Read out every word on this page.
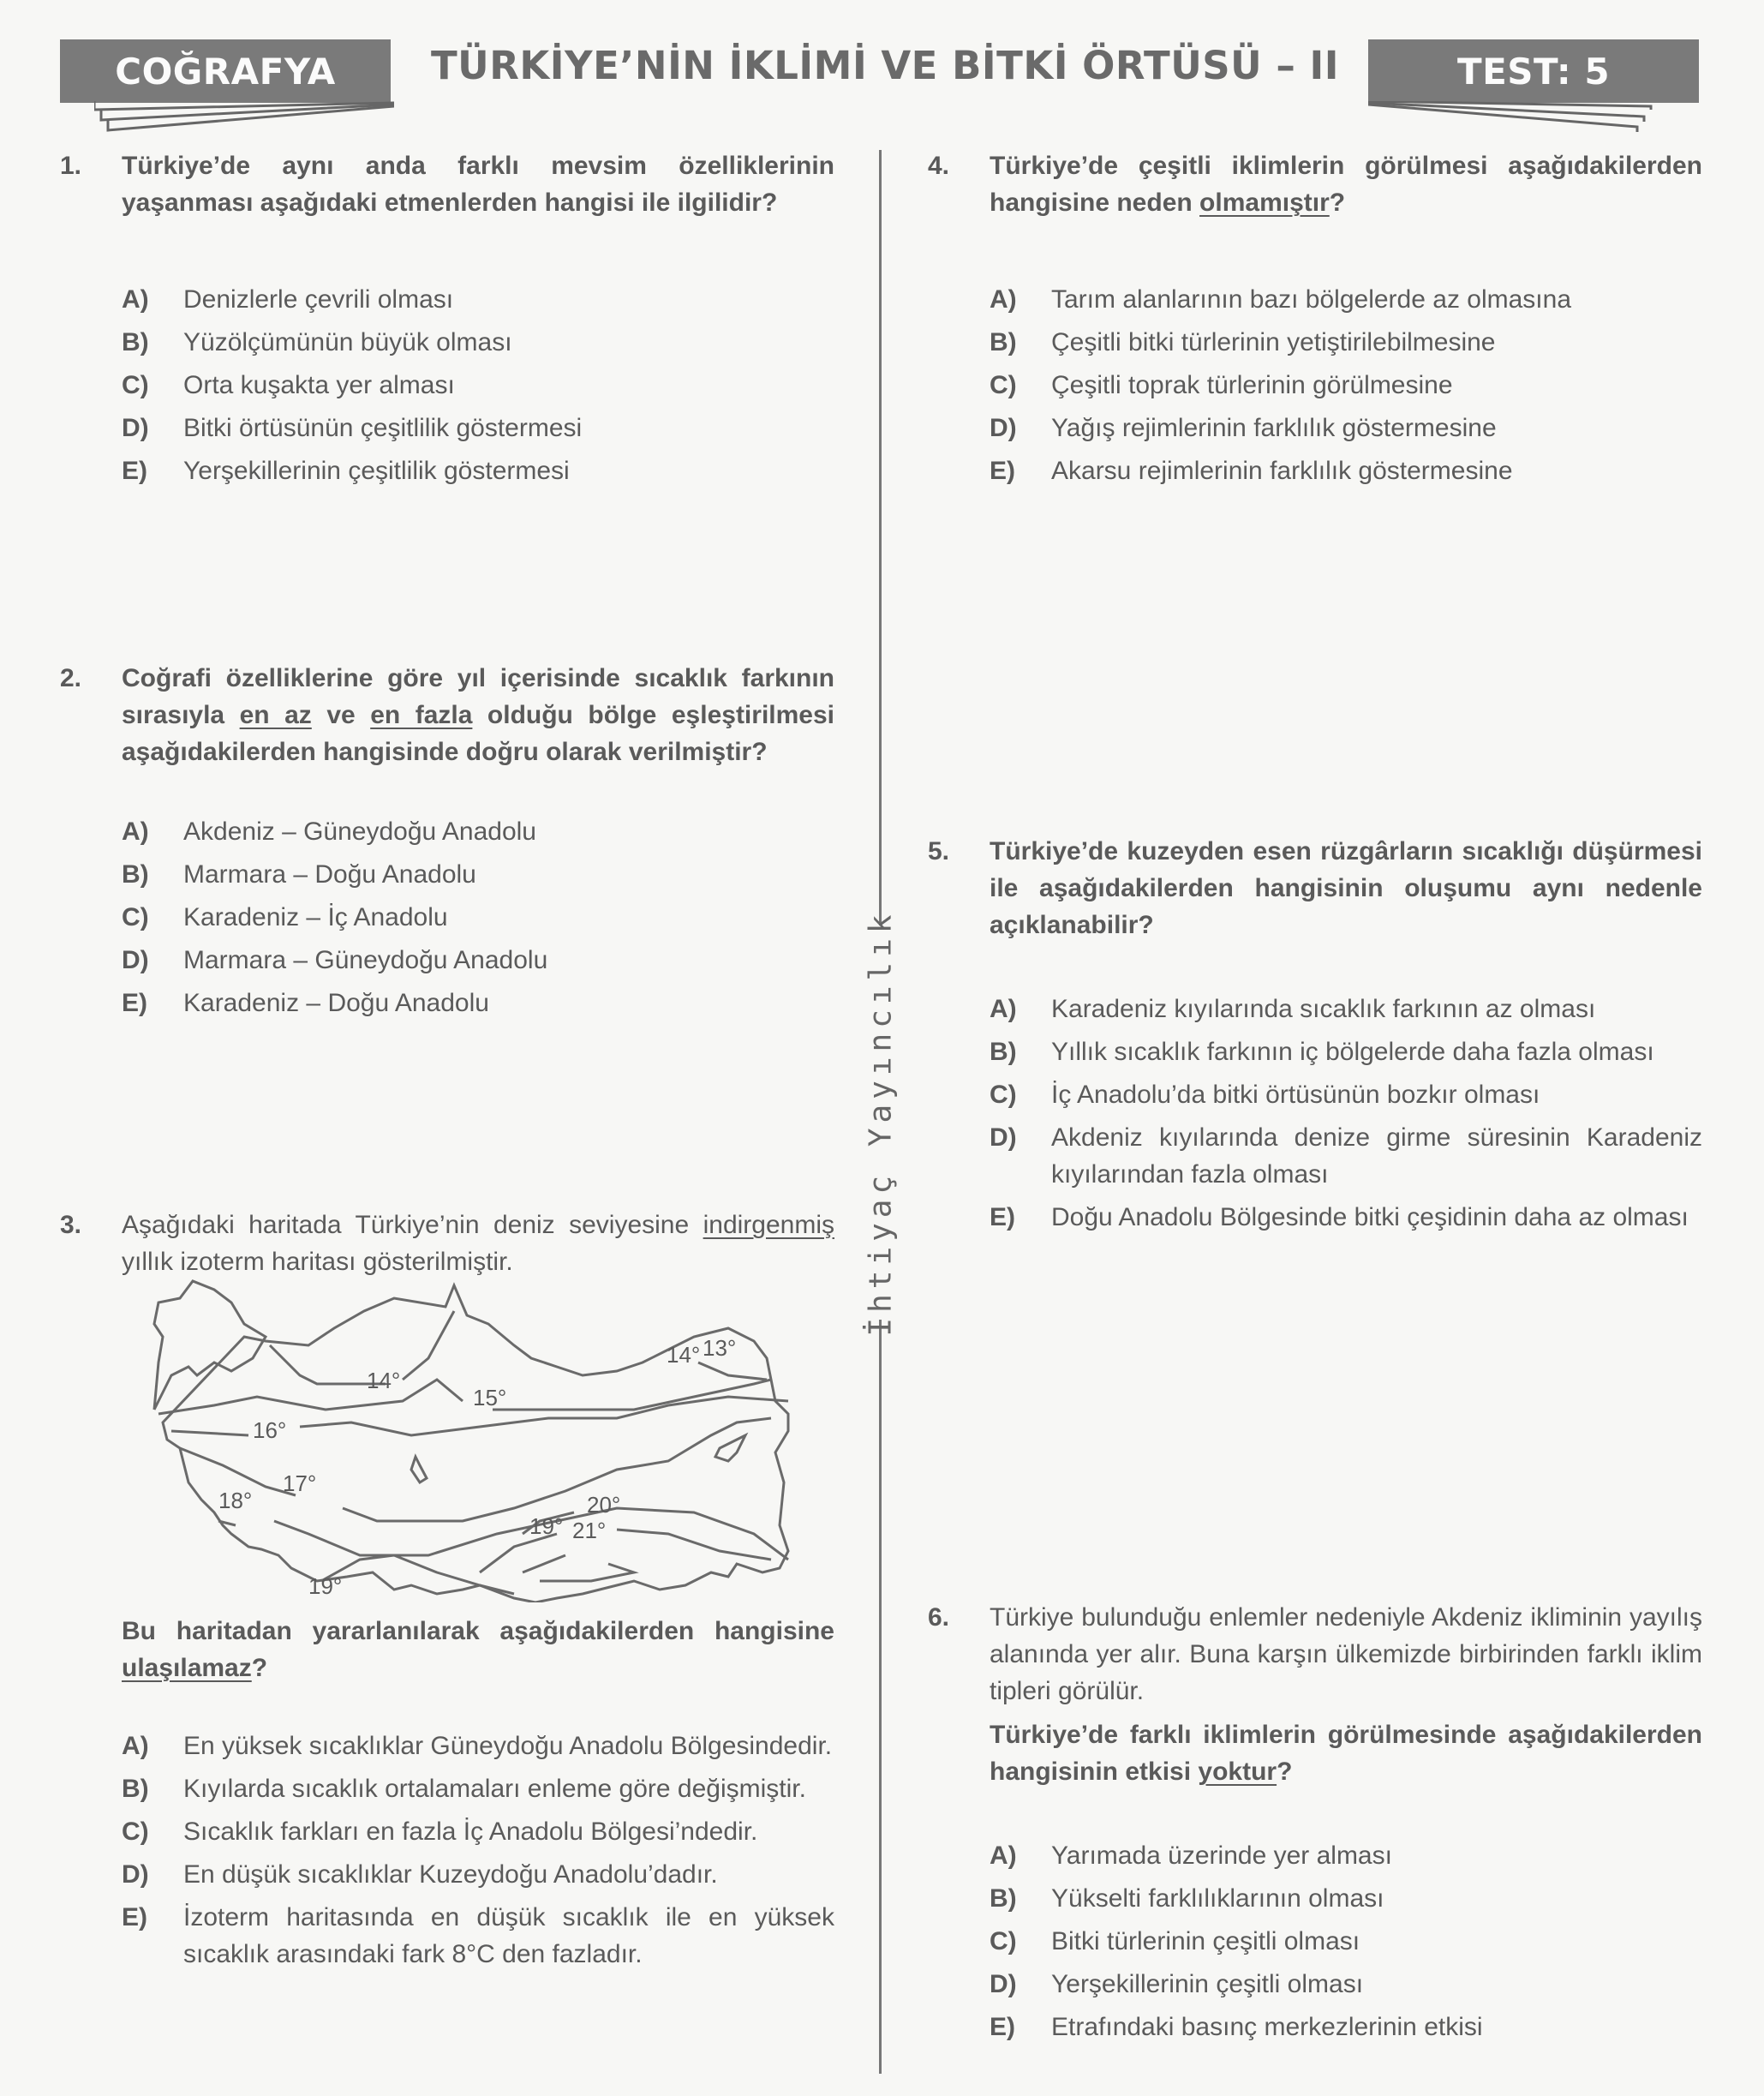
COĞRAFYA	TÜRKİYE’NİN İKLİMİ VE BİTKİ ÖRTÜSÜ – II	TEST: 5
İhtiyaç Yayıncılık
1. Türkiye’de aynı anda farklı mevsim özelliklerinin yaşanması aşağıdaki etmenlerden hangisi ile ilgilidir?
A)	Denizlerle çevrili olması
B)	Yüzölçümünün büyük olması
C)	Orta kuşakta yer alması
D)	Bitki örtüsünün çeşitlilik göstermesi
E)	Yerşekillerinin çeşitlilik göstermesi
2. Coğrafi özelliklerine göre yıl içerisinde sıcaklık farkının sırasıyla en az ve en fazla olduğu bölge eşleştirilmesi aşağıdakilerden hangisinde doğru olarak verilmiştir?
A)	Akdeniz – Güneydoğu Anadolu
B)	Marmara – Doğu Anadolu
C)	Karadeniz – İç Anadolu
D)	Marmara – Güneydoğu Anadolu
E)	Karadeniz – Doğu Anadolu
3. Aşağıdaki haritada Türkiye’nin deniz seviyesine indirgenmiş yıllık izoterm haritası gösterilmiştir.
14°
15°
16°
17°
18°
19°
19°
20°
21°
14° 13°
Bu haritadan yararlanılarak aşağıdakilerden hangisine ulaşılamaz?
A)	En yüksek sıcaklıklar Güneydoğu Anadolu Bölgesindedir.
B)	Kıyılarda sıcaklık ortalamaları enleme göre değişmiştir.
C)	Sıcaklık farkları en fazla İç Anadolu Bölgesi’ndedir.
D)	En düşük sıcaklıklar Kuzeydoğu Anadolu’dadır.
E)	İzoterm haritasında en düşük sıcaklık ile en yüksek sıcaklık arasındaki fark 8°C den fazladır.
4. Türkiye’de çeşitli iklimlerin görülmesi aşağıdakilerden hangisine neden olmamıştır?
A)	Tarım alanlarının bazı bölgelerde az olmasına
B)	Çeşitli bitki türlerinin yetiştirilebilmesine
C)	Çeşitli toprak türlerinin görülmesine
D)	Yağış rejimlerinin farklılık göstermesine
E)	Akarsu rejimlerinin farklılık göstermesine
5. Türkiye’de kuzeyden esen rüzgârların sıcaklığı düşürmesi ile aşağıdakilerden hangisinin oluşumu aynı nedenle açıklanabilir?
A)	Karadeniz kıyılarında sıcaklık farkının az olması
B)	Yıllık sıcaklık farkının iç bölgelerde daha fazla olması
C)	İç Anadolu’da bitki örtüsünün bozkır olması
D)	Akdeniz kıyılarında denize girme süresinin Karadeniz kıyılarından fazla olması
E)	Doğu Anadolu Bölgesinde bitki çeşidinin daha az olması
6. Türkiye bulunduğu enlemler nedeniyle Akdeniz ikliminin yayılış alanında yer alır. Buna karşın ülkemizde birbirinden farklı iklim tipleri görülür.
Türkiye’de farklı iklimlerin görülmesinde aşağıdakilerden hangisinin etkisi yoktur?
A)	Yarımada üzerinde yer alması
B)	Yükselti farklılıklarının olması
C)	Bitki türlerinin çeşitli olması
D)	Yerşekillerinin çeşitli olması
E)	Etrafındaki basınç merkezlerinin etkisi
